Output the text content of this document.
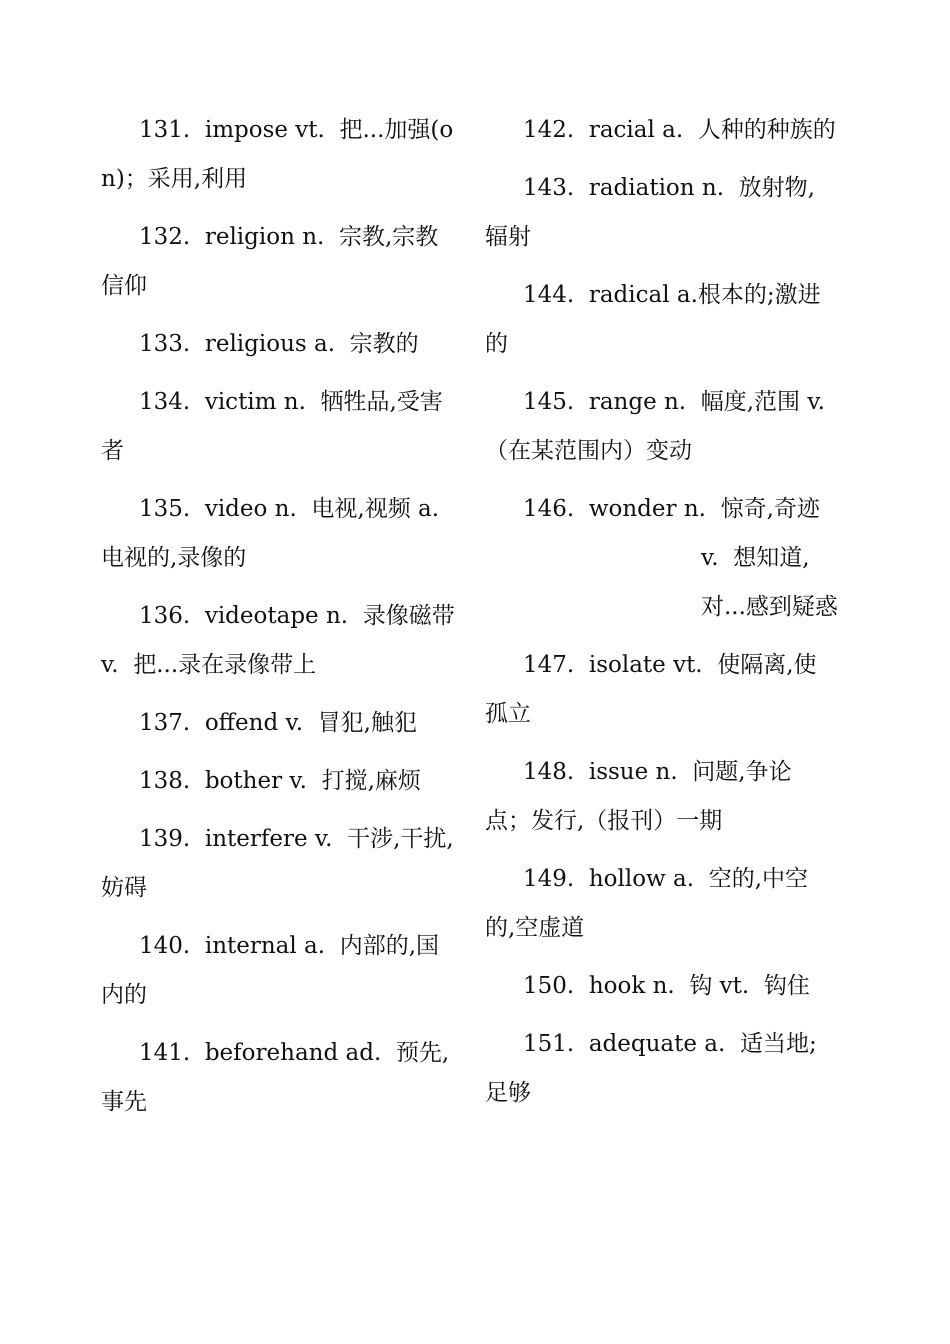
131.  impose vt.  把...加强(on)；采用,利用

132.  religion n.  宗教,宗教信仰

133.  religious a.  宗教的

134.  victim n.  牺牲品,受害者

135.  video n.  电视,视频 a.  电视的,录像的

136.  videotape n.  录像磁带 v.  把...录在录像带上

137.  offend v.  冒犯,触犯

138.  bother v.  打搅,麻烦

139.  interfere v.  干涉,干扰,妨碍

140.  internal a.  内部的,国内的

141.  beforehand ad.  预先,事先

142.  racial a.  人种的种族的

143.  radiation n.  放射物,辐射

144.  radical a.根本的;激进的

145.  range n.  幅度,范围 v.  （在某范围内）变动

146.  wonder n.  惊奇,奇迹

v.  想知道,对...感到疑惑

147.  isolate vt.  使隔离,使孤立

148.  issue n.  问题,争论点；发行,（报刊）一期

149.  hollow a.  空的,中空的,空虚道

150.  hook n.  钩 vt.  钩住

151.  adequate a.  适当地;足够
